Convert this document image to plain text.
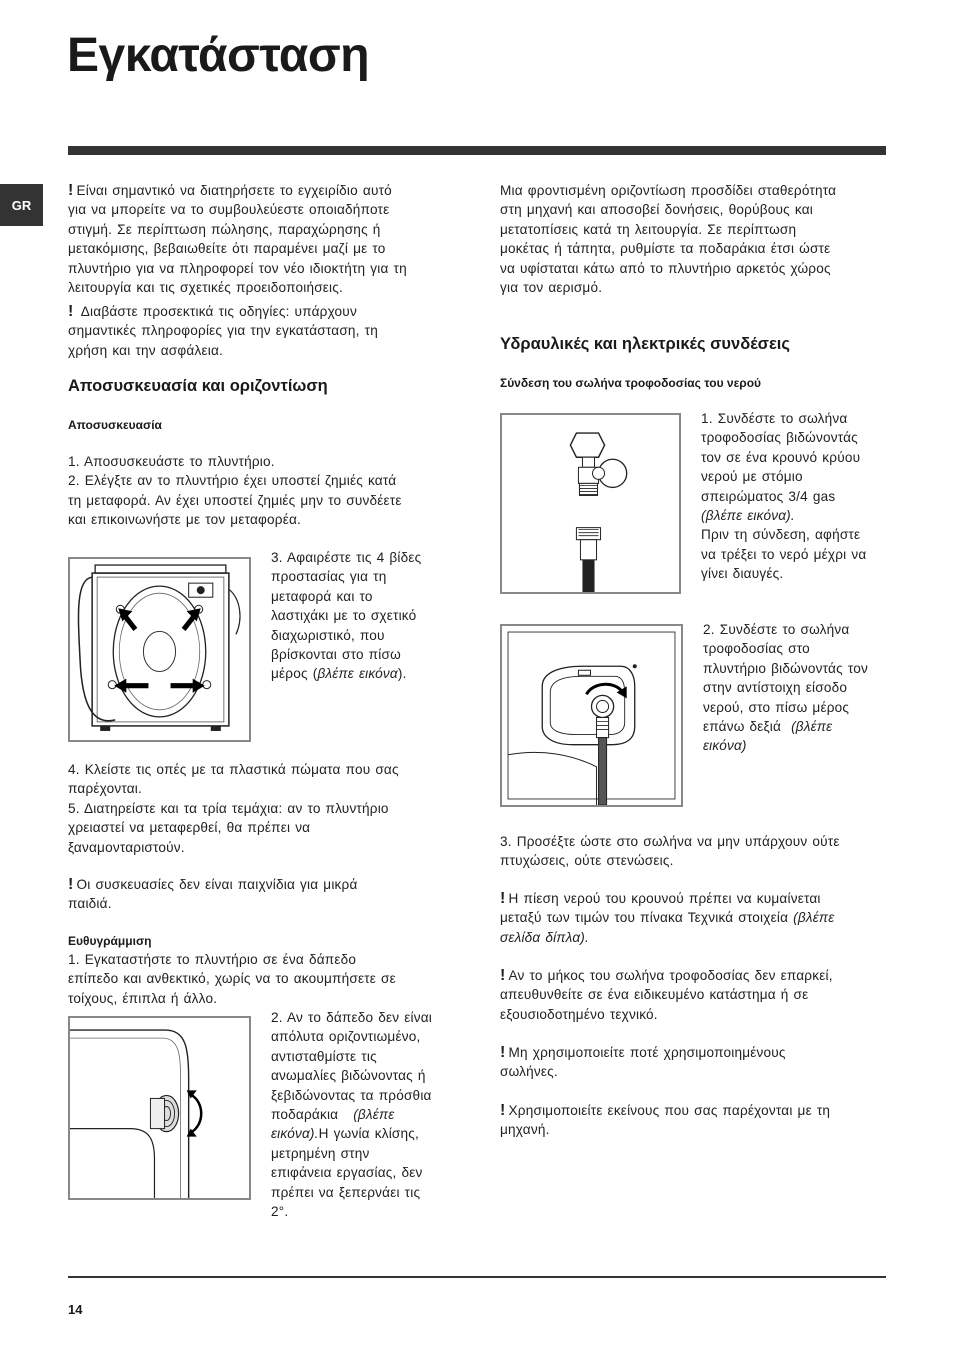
Εγκατάσταση
GR
! Είναι σημαντικό να διατηρήσετε το εγχειρίδιο αυτό
για να μπορείτε να το συμβουλεύεστε οποιαδήποτε
στιγμή. Σε περίπτωση πώλησης, παραχώρησης ή
μετακόμισης, βεβαιωθείτε ότι παραμένει μαζί με το
πλυντήριο για να πληροφορεί τον νέο ιδιοκτήτη για τη
λειτουργία και τις σχετικές προειδοποιήσεις.
! Διαβάστε προσεκτικά τις οδηγίες: υπάρχουν
σημαντικές πληροφορίες για την εγκατάσταση, τη
χρήση και την ασφάλεια.
Αποσυσκευασία και οριζοντίωση
Αποσυσκευασία
1. Αποσυσκευάστε το πλυντήριο.
2. Ελέγξτε αν το πλυντήριο έχει υποστεί ζημιές κατά
τη μεταφορά. Αν έχει υποστεί ζημιές μην το συνδέετε
και επικοινωνήστε με τον μεταφορέα.
3. Αφαιρέστε τις 4 βίδες
προστασίας για τη
μεταφορά και το
λαστιχάκι με το σχετικό
διαχωριστικό, που
βρίσκονται στο πίσω
μέρος (βλέπε εικόνα).
4. Κλείστε τις οπές με τα πλαστικά πώματα που σας
παρέχονται.
5. Διατηρείστε και τα τρία τεμάχια: αν το πλυντήριο
χρειαστεί να μεταφερθεί, θα πρέπει να
ξαναμονταριστούν.
! Οι συσκευασίες δεν είναι παιχνίδια για μικρά
παιδιά.
Ευθυγράμμιση
1. Εγκαταστήστε το πλυντήριο σε ένα δάπεδο
επίπεδο και ανθεκτικό, χωρίς να το ακουμπήσετε σε
τοίχους, έπιπλα ή άλλο.
2. Αν το δάπεδο δεν είναι
απόλυτα οριζοντιωμένο,
αντισταθμίστε τις
ανωμαλίες βιδώνοντας ή
ξεβιδώνοντας τα πρόσθια
ποδαράκια (βλέπε
εικόνα).Η γωνία κλίσης,
μετρημένη στην
επιφάνεια εργασίας, δεν
πρέπει να ξεπερνάει τις
2°.
Μια φροντισμένη οριζοντίωση προσδίδει σταθερότητα
στη μηχανή και αποσοβεί δονήσεις, θορύβους και
μετατοπίσεις κατά τη λειτουργία. Σε περίπτωση
μοκέτας ή τάπητα, ρυθμίστε τα ποδαράκια έτσι ώστε
να υφίσταται κάτω από το πλυντήριο αρκετός χώρος
για τον αερισμό.
Υδραυλικές και ηλεκτρικές συνδέσεις
Σύνδεση του σωλήνα τροφοδοσίας του νερού
1. Συνδέστε το σωλήνα
τροφοδοσίας βιδώνοντάς
τον σε ένα κρουνό κρύου
νερού με στόμιο
σπειρώματος 3/4 gas
(βλέπε εικόνα).
Πριν τη σύνδεση, αφήστε
να τρέξει το νερό μέχρι να
γίνει διαυγές.
2. Συνδέστε το σωλήνα
τροφοδοσίας στο
πλυντήριο βιδώνοντάς τον
στην αντίστοιχη είσοδο
νερού, στο πίσω μέρος
επάνω δεξιά (βλέπε
εικόνα)
3. Προσέξτε ώστε στο σωλήνα να μην υπάρχουν ούτε
πτυχώσεις, ούτε στενώσεις.
! Η πίεση νερού του κρουνού πρέπει να κυμαίνεται
μεταξύ των τιμών του πίνακα Τεχνικά στοιχεία (βλέπε
σελίδα δίπλα).
! Αν το μήκος του σωλήνα τροφοδοσίας δεν επαρκεί,
απευθυνθείτε σε ένα ειδικευμένο κατάστημα ή σε
εξουσιοδοτημένο τεχνικό.
! Μη χρησιμοποιείτε ποτέ χρησιμοποιημένους
σωλήνες.
! Χρησιμοποιείτε εκείνους που σας παρέχονται με τη
μηχανή.
14
